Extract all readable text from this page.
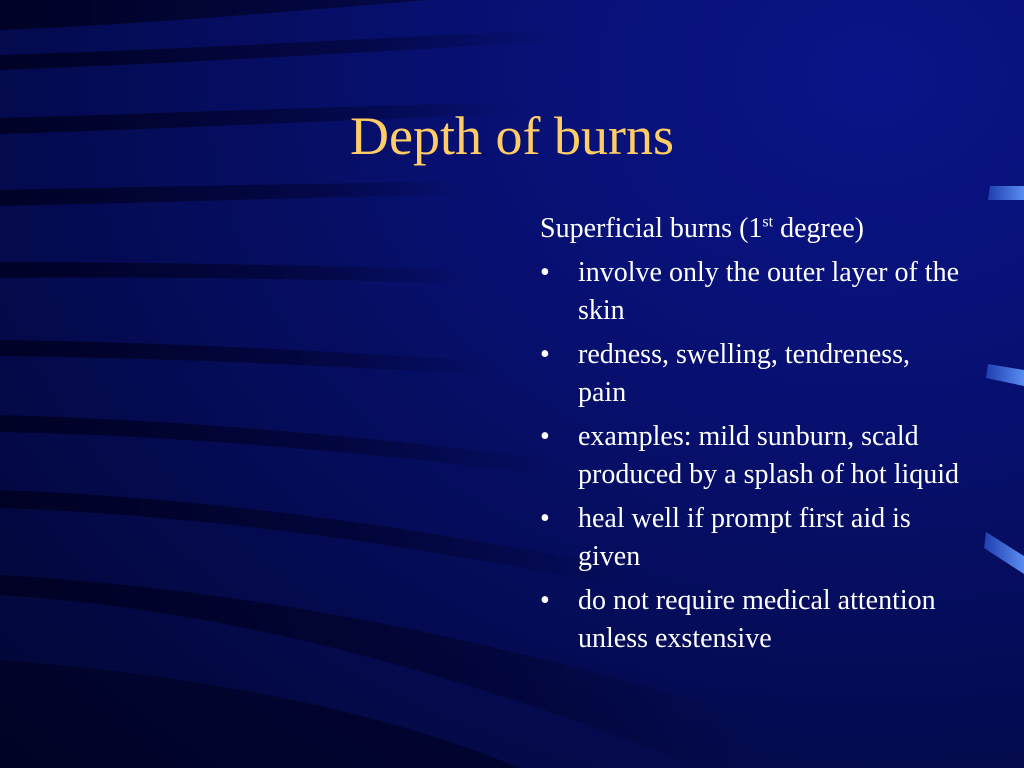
Depth of burns

Superficial burns (1st degree)

• involve only the outer layer of the skin
• redness, swelling, tendreness, pain
• examples: mild sunburn, scald produced by a splash of hot liquid
• heal well if prompt first aid is given
• do not require medical attention unless exstensive
